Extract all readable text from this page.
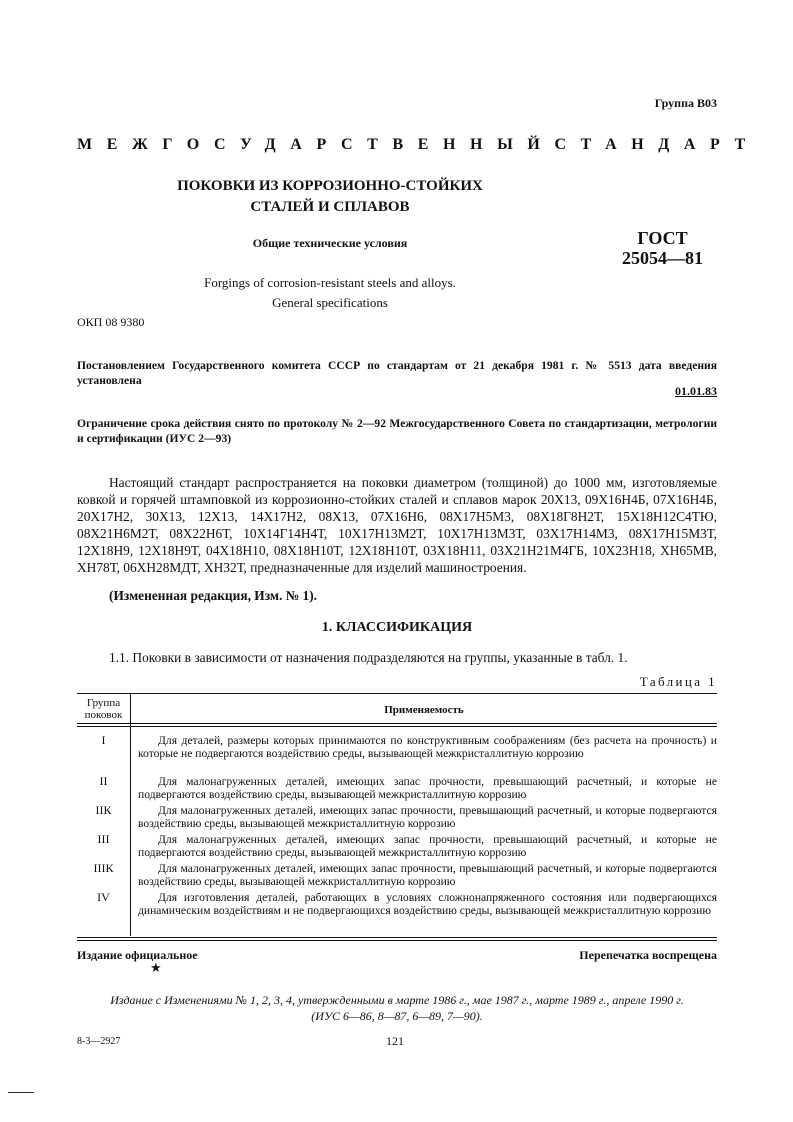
Группа В03
МЕЖГОСУДАРСТВЕННЫЙ СТАНДАРТ
ПОКОВКИ ИЗ КОРРОЗИОННО-СТОЙКИХ
СТАЛЕЙ И СПЛАВОВ
Общие технические условия	ГОСТ
25054—81
Forgings of corrosion-resistant steels and alloys.
General specifications
ОКП 08 9380
Постановлением Государственного комитета СССР по стандартам от 21 декабря 1981 г. № 5513 дата введения установлена
01.01.83
Ограничение срока действия снято по протоколу № 2—92 Межгосударственного Совета по стандартизации, метрологии и сертификации (ИУС 2—93)
Настоящий стандарт распространяется на поковки диаметром (толщиной) до 1000 мм, изготовляемые ковкой и горячей штамповкой из коррозионно-стойких сталей и сплавов марок 20Х13, 09Х16Н4Б, 07Х16Н4Б, 20Х17Н2, 30Х13, 12Х13, 14Х17Н2, 08Х13, 07Х16Н6, 08Х17Н5М3, 08Х18Г8Н2Т, 15Х18Н12С4ТЮ, 08Х21Н6М2Т, 08Х22Н6Т, 10Х14Г14Н4Т, 10Х17Н13М2Т, 10Х17Н13М3Т, 03Х17Н14М3, 08Х17Н15М3Т, 12Х18Н9, 12Х18Н9Т, 04Х18Н10, 08Х18Н10Т, 12Х18Н10Т, 03Х18Н11, 03Х21Н21М4ГБ, 10Х23Н18, ХН65МВ, ХН78Т, 06ХН28МДТ, ХН32Т, предназначенные для изделий машиностроения.
(Измененная редакция, Изм. № 1).
1. КЛАССИФИКАЦИЯ
1.1. Поковки в зависимости от назначения подразделяются на группы, указанные в табл. 1.
Таблица 1
Группа
поковок	Применяемость
I	Для деталей, размеры которых принимаются по конструктивным соображениям (без расчета на прочность) и которые не подвергаются воздействию среды, вызывающей межкристаллитную коррозию
II	Для малонагруженных деталей, имеющих запас прочности, превышающий расчетный, и которые не подвергаются воздействию среды, вызывающей межкристаллитную коррозию
IIК	Для малонагруженных деталей, имеющих запас прочности, превышающий расчетный, и которые подвергаются воздействию среды, вызывающей межкристаллитную коррозию
III	Для малонагруженных деталей, имеющих запас прочности, превышающий расчетный, и которые не подвергаются воздействию среды, вызывающей межкристаллитную коррозию
IIIК	Для малонагруженных деталей, имеющих запас прочности, превышающий расчетный, и которые подвергаются воздействию среды, вызывающей межкристаллитную коррозию
IV	Для изготовления деталей, работающих в условиях сложнонапряженного состояния или подвергающихся динамическим воздействиям и не подвергающихся воздействию среды, вызывающей межкристаллитную коррозию
Издание официальное	Перепечатка воспрещена
★
Издание с Изменениями № 1, 2, 3, 4, утвержденными в марте 1986 г., мае 1987 г., марте 1989 г., апреле 1990 г.
(ИУС 6—86, 8—87, 6—89, 7—90).
8-3—2927	121
